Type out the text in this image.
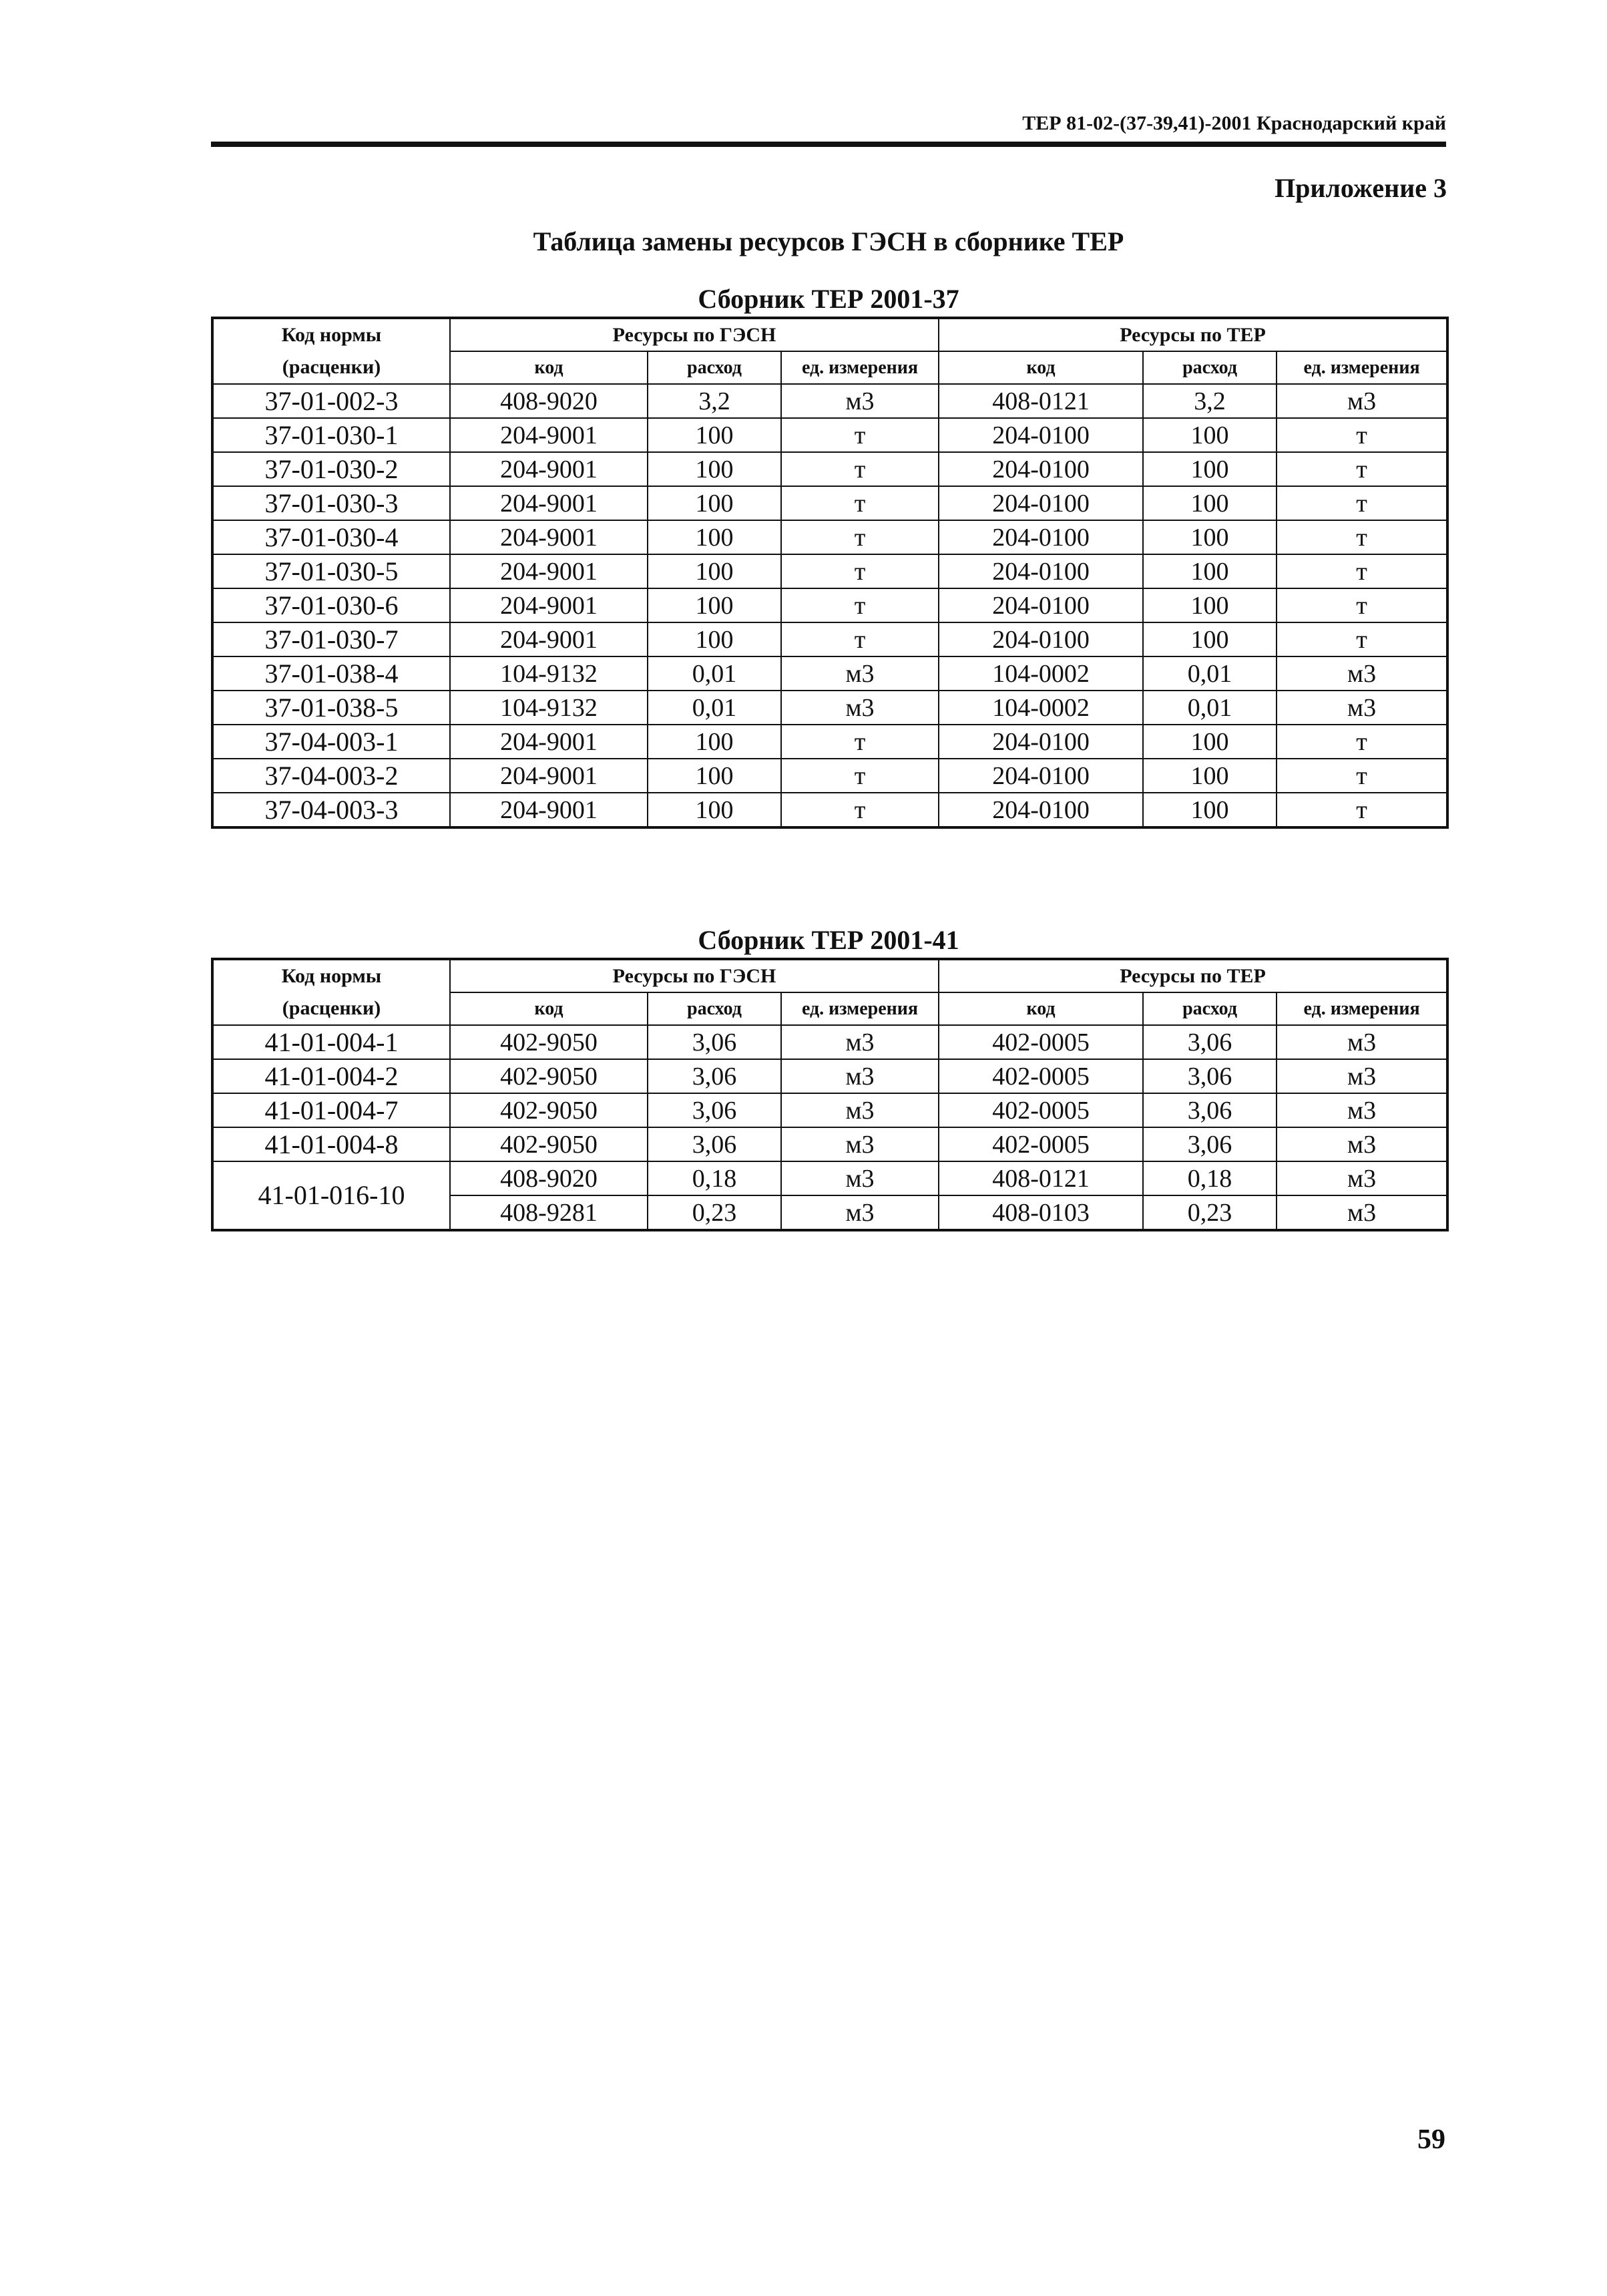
ТЕР 81-02-(37-39,41)-2001 Краснодарский край
Приложение 3
Таблица замены ресурсов ГЭСН в сборнике ТЕР
Сборник ТЕР 2001-37
Код нормы
(расценки)	Ресурсы по ГЭСН			Ресурсы по ТЕР		
	код	расход	ед. измерения	код	расход	ед. измерения
37-01-002-3	408-9020	3,2	м3	408-0121	3,2	м3
37-01-030-1	204-9001	100	т	204-0100	100	т
37-01-030-2	204-9001	100	т	204-0100	100	т
37-01-030-3	204-9001	100	т	204-0100	100	т
37-01-030-4	204-9001	100	т	204-0100	100	т
37-01-030-5	204-9001	100	т	204-0100	100	т
37-01-030-6	204-9001	100	т	204-0100	100	т
37-01-030-7	204-9001	100	т	204-0100	100	т
37-01-038-4	104-9132	0,01	м3	104-0002	0,01	м3
37-01-038-5	104-9132	0,01	м3	104-0002	0,01	м3
37-04-003-1	204-9001	100	т	204-0100	100	т
37-04-003-2	204-9001	100	т	204-0100	100	т
37-04-003-3	204-9001	100	т	204-0100	100	т
Сборник ТЕР 2001-41
Код нормы
(расценки)	Ресурсы по ГЭСН			Ресурсы по ТЕР		
	код	расход	ед. измерения	код	расход	ед. измерения
41-01-004-1	402-9050	3,06	м3	402-0005	3,06	м3
41-01-004-2	402-9050	3,06	м3	402-0005	3,06	м3
41-01-004-7	402-9050	3,06	м3	402-0005	3,06	м3
41-01-004-8	402-9050	3,06	м3	402-0005	3,06	м3
41-01-016-10	408-9020	0,18	м3	408-0121	0,18	м3
	408-9281	0,23	м3	408-0103	0,23	м3
59
